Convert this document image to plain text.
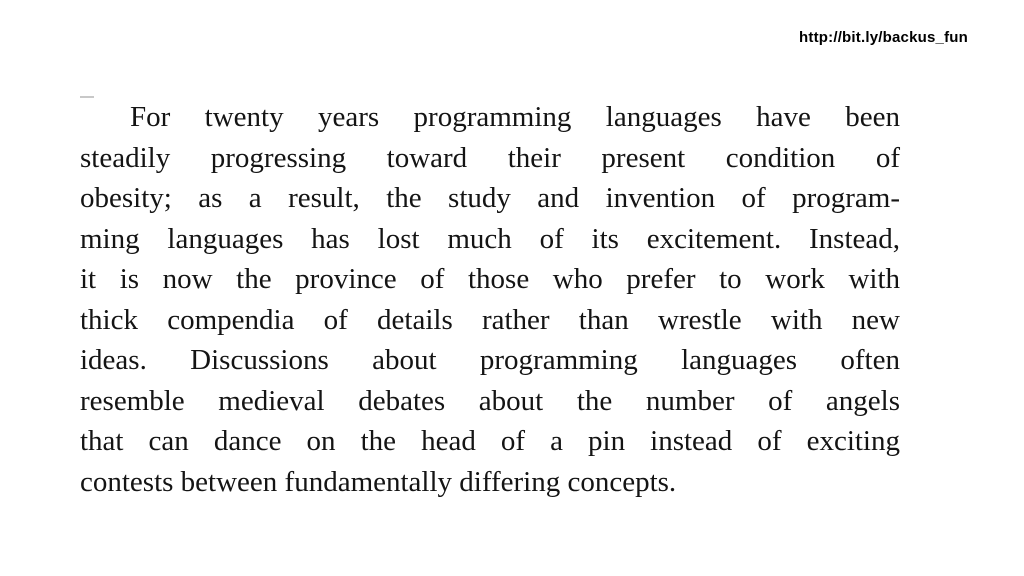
http://bit.ly/backus_fun
For twenty years programming languages have been
steadily progressing toward their present condition of
obesity; as a result, the study and invention of program-
ming languages has lost much of its excitement. Instead,
it is now the province of those who prefer to work with
thick compendia of details rather than wrestle with new
ideas. Discussions about programming languages often
resemble medieval debates about the number of angels
that can dance on the head of a pin instead of exciting
contests between fundamentally differing concepts.
